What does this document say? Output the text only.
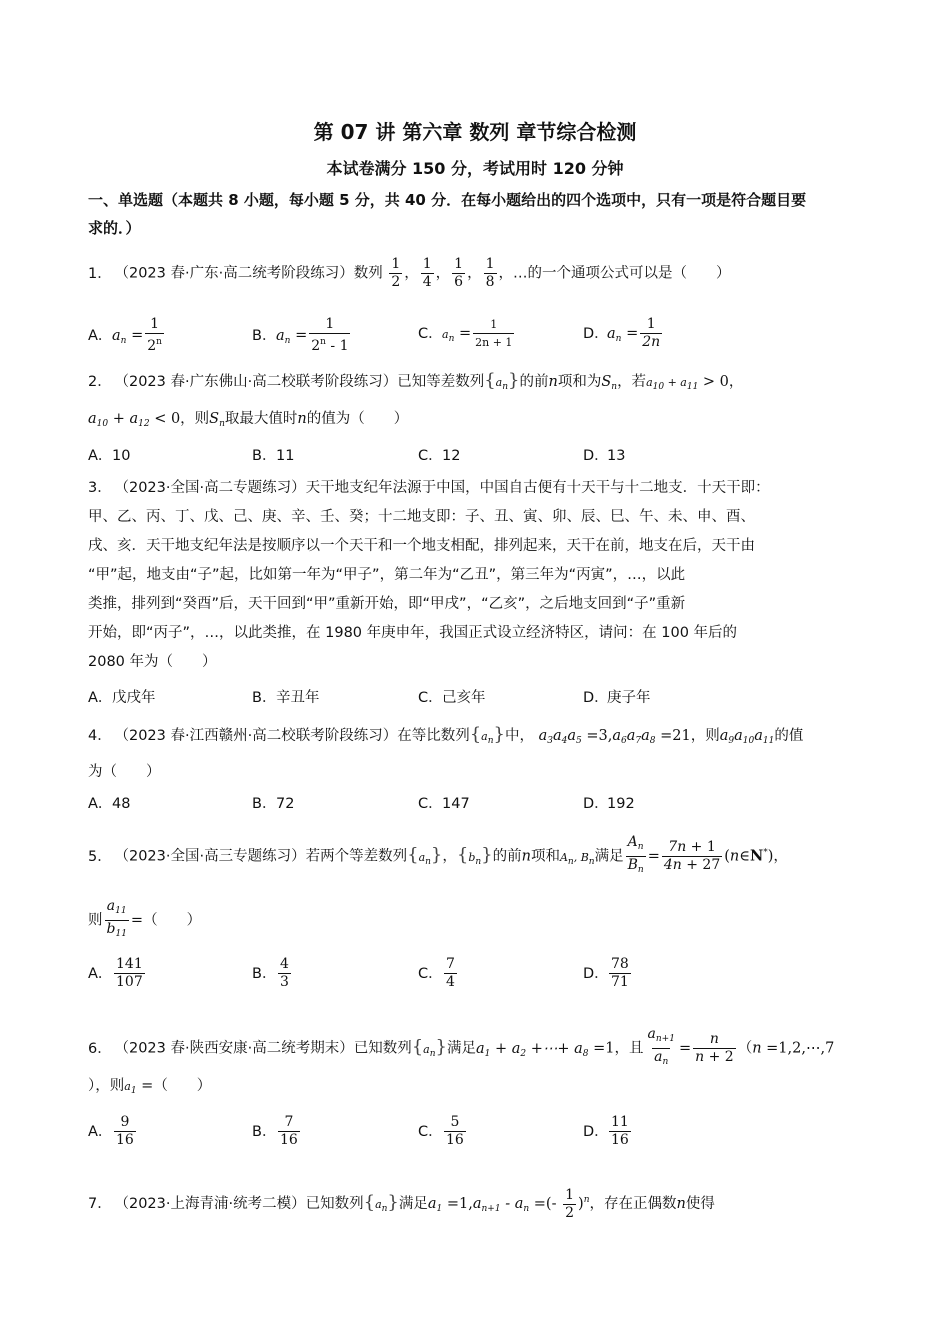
第 07 讲 第六章 数列 章节综合检测
本试卷满分 150 分，考试用时 120 分钟
一、单选题（本题共 8 小题，每小题 5 分，共 40 分．在每小题给出的四个选项中，只有一项是符合题目要
求的．）
1． （2023 春·广东·高二统考阶段练习）数列 $\frac{1}{2}$ ， $\frac{1}{4}$ ， $\frac{1}{6}$ ， $\frac{1}{8}$ ，…的一个通项公式可以是（　　）
A．$a_n = \frac{1}{2^n}$	B．$a_n = \frac{1}{2^n - 1}$	C．$a_n = \frac{1}{2n + 1}$	D．$a_n = \frac{1}{2n}$
2． （2023 春·广东佛山·高二校联考阶段练习）已知等差数列$\{a_n\}$的前n项和为$S_n$，若$a_{10} + a_{11} > 0$，
$a_{10} + a_{12} < 0$，则$S_n$取最大值时n的值为（　　）
A．10	B．11	C．12	D．13
3． （2023·全国·高二专题练习）天干地支纪年法源于中国，中国自古便有十天干与十二地支．十天干即：
甲、乙、丙、丁、戊、己、庚、辛、壬、癸；十二地支即：子、丑、寅、卯、辰、巳、午、未、申、酉、
戌、亥．天干地支纪年法是按顺序以一个天干和一个地支相配，排列起来，天干在前，地支在后，天干由
“甲”起，地支由“子”起，比如第一年为“甲子”，第二年为“乙丑”，第三年为“丙寅”，…，以此
类推，排列到“癸酉”后，天干回到“甲”重新开始，即“甲戌”，“乙亥”，之后地支回到“子”重新
开始，即“丙子”，…，以此类推，在 1980 年庚申年，我国正式设立经济特区，请问：在 100 年后的
2080 年为（　　）
A．戊戌年	B．辛丑年	C．己亥年	D．庚子年
4． （2023 春·江西赣州·高二校联考阶段练习）在等比数列$\{a_n\}$中， $a_3a_4a_5 =3,a_6a_7a_8 =21$，则$a_9a_{10}a_{11}$的值
为（　　）
A．48	B．72	C．147	D．192
5． （2023·全国·高三专题练习）若两个等差数列$\{a_n\}$，$\{b_n\}$的前n项和$A_n$, $B_n$满足 $\frac{A_n}{B_n} = \frac{7n + 1}{4n + 27}$ (n∈N*)，
则 $\frac{a_{11}}{b_{11}}$ =（　　）
A． $\frac{141}{107}$	B． $\frac{4}{3}$	C． $\frac{7}{4}$	D． $\frac{78}{71}$
6． （2023 春·陕西安康·高二统考期末）已知数列$\{a_n\}$满足$a_1 + a_2$ +⋯+ $a_8 =1$，且 $\frac{a_{n+1}}{a_n} = \frac{n}{n + 2} (n$ =1,2,⋯,7
），则$a_1$ =（　　）
A． $\frac{9}{16}$	B． $\frac{7}{16}$	C． $\frac{5}{16}$	D． $\frac{11}{16}$
7． （2023·上海青浦·统考二模）已知数列$\{a_n\}$满足$a_1 =1,a_{n+1} - a_n$ =(- $\frac{1}{2} )^n$，存在正偶数n使得
